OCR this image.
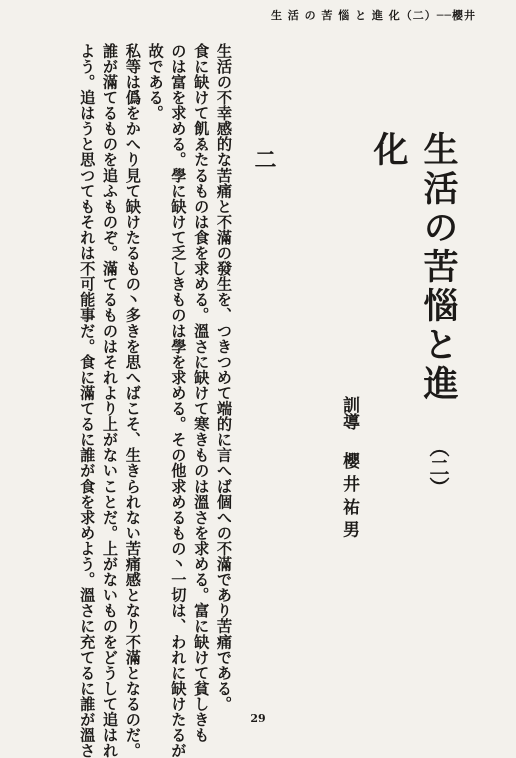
生 活 の 苦 惱 と 進 化（二）──櫻井
生活の苦惱と進化
（二）
訓導櫻 井 祐 男
二
生活の不幸感的な苦痛と不滿の發生を、つきつめて端的に言へば個への不滿であり苦痛である。
食に缺けて飢ゑたるものは食を求める。溫さに缺けて寒きものは溫さを求める。富に缺けて貧しきも
のは富を求める。學に缺けて乏しきものは學を求める。その他求めるもの丶一切は、われに缺けたるが
故である。
私等は僞をかへり見て缺けたるもの丶多きを思へばこそ、生きられない苦痛感となり不滿となるのだ。
誰が滿てるものを追ふものぞ。滿てるものはそれより上がないことだ。上がないものをどうして追はれ
よう。追はうと思つてもそれは不可能事だ。食に滿てるに誰が食を求めよう。溫さに充てるに誰が溫さ	29
